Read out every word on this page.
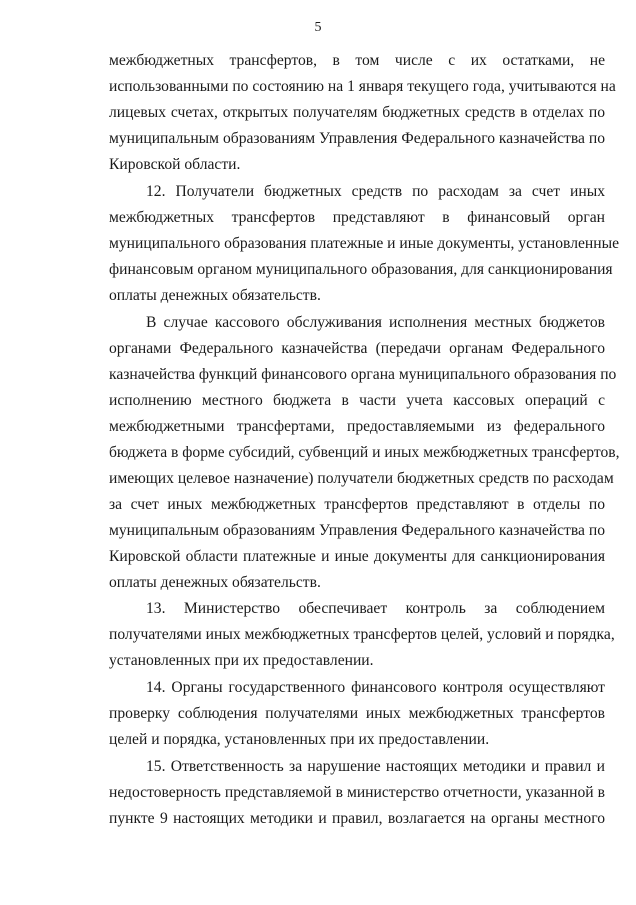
5
межбюджетных трансфертов, в том числе с их остатками, не
использованными по состоянию на 1 января текущего года, учитываются на
лицевых счетах, открытых получателям бюджетных средств в отделах по
муниципальным образованиям Управления Федерального казначейства по
Кировской области.
12. Получатели бюджетных средств по расходам за счет иных
межбюджетных трансфертов представляют в финансовый орган
муниципального образования платежные и иные документы, установленные
финансовым органом муниципального образования, для санкционирования
оплаты денежных обязательств.
В случае кассового обслуживания исполнения местных бюджетов
органами Федерального казначейства (передачи органам Федерального
казначейства функций финансового органа муниципального образования по
исполнению местного бюджета в части учета кассовых операций с
межбюджетными трансфертами, предоставляемыми из федерального
бюджета в форме субсидий, субвенций и иных межбюджетных трансфертов,
имеющих целевое назначение) получатели бюджетных средств по расходам
за счет иных межбюджетных трансфертов представляют в отделы по
муниципальным образованиям Управления Федерального казначейства по
Кировской области платежные и иные документы для санкционирования
оплаты денежных обязательств.
13. Министерство обеспечивает контроль за соблюдением
получателями иных межбюджетных трансфертов целей, условий и порядка,
установленных при их предоставлении.
14. Органы государственного финансового контроля осуществляют
проверку соблюдения получателями иных межбюджетных трансфертов
целей и порядка, установленных при их предоставлении.
15. Ответственность за нарушение настоящих методики и правил и
недостоверность представляемой в министерство отчетности, указанной в
пункте 9 настоящих методики и правил, возлагается на органы местного
